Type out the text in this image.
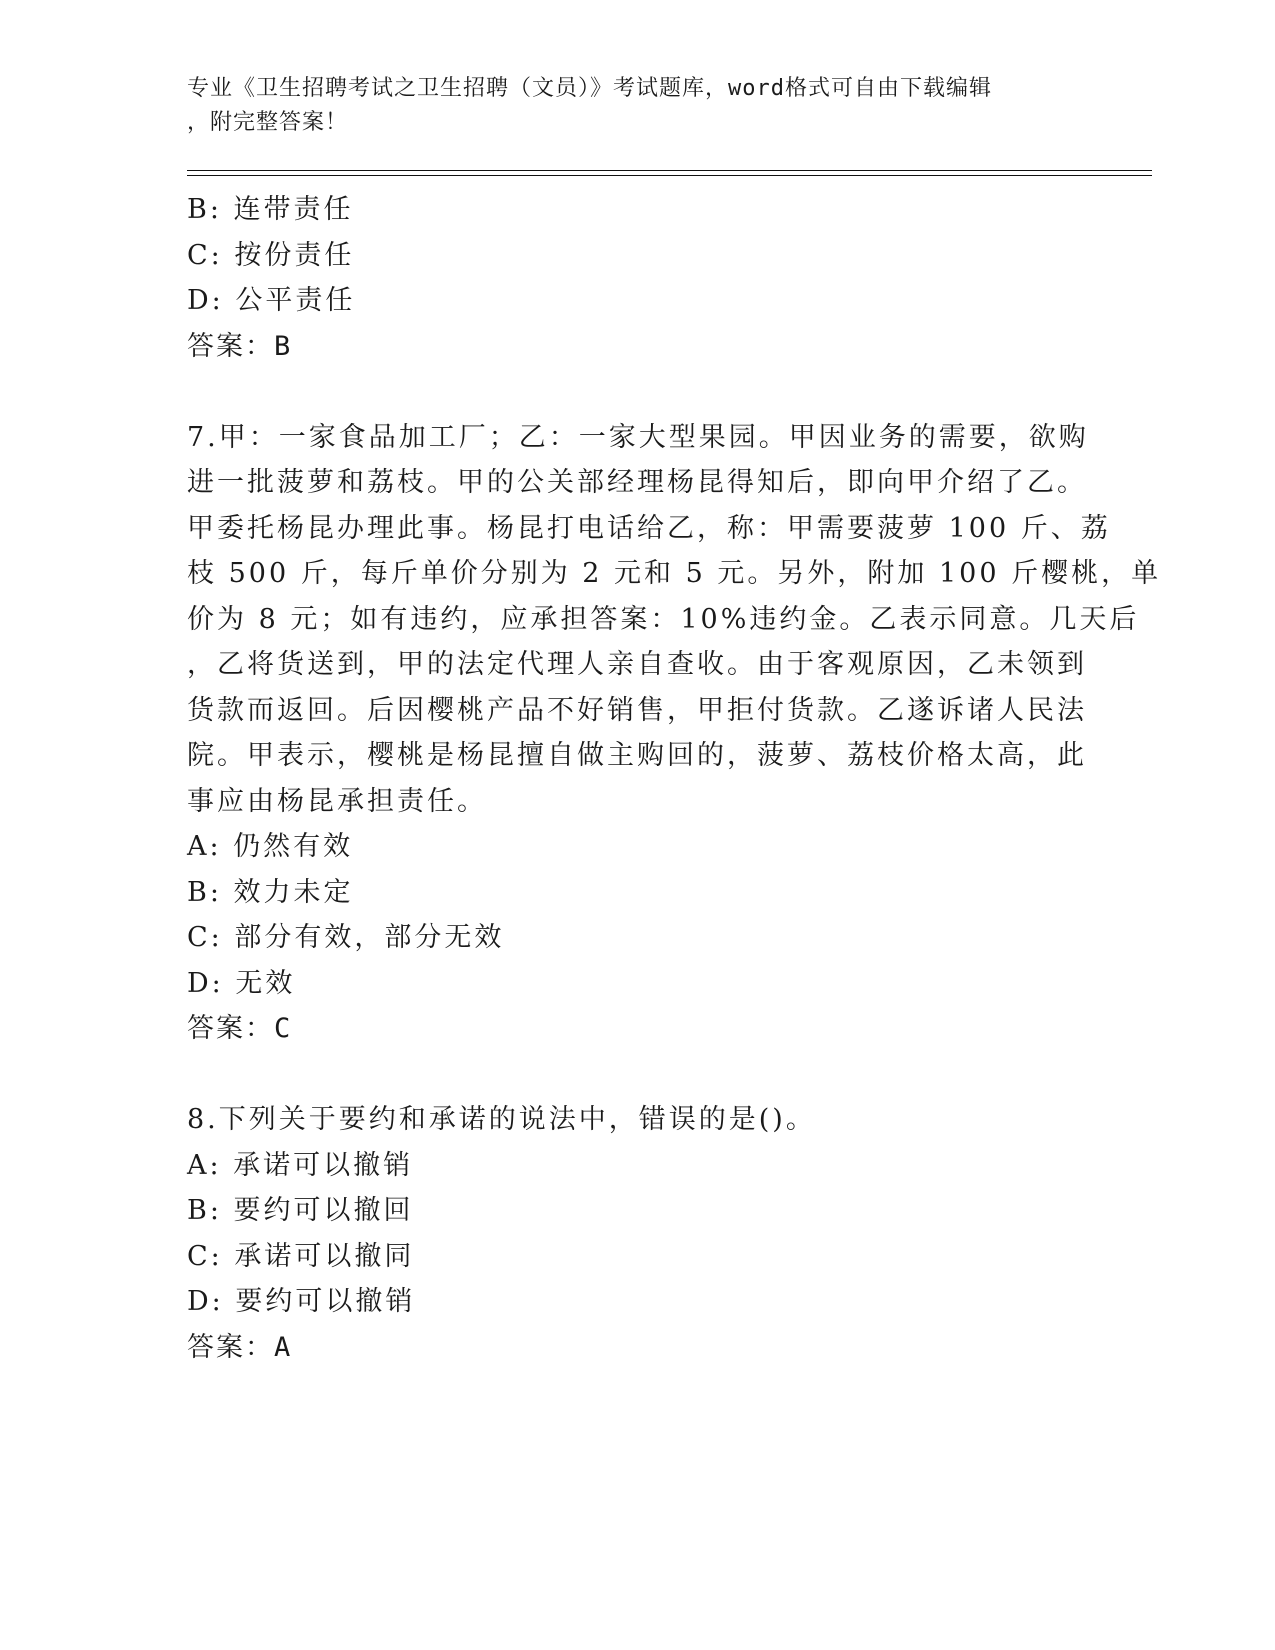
专业《卫生招聘考试之卫生招聘（文员）》考试题库，word格式可自由下载编辑
，附完整答案！
B: 连带责任
C: 按份责任
D: 公平责任
答案：B
7.甲：一家食品加工厂；乙：一家大型果园。甲因业务的需要，欲购
进一批菠萝和荔枝。甲的公关部经理杨昆得知后，即向甲介绍了乙。
甲委托杨昆办理此事。杨昆打电话给乙，称：甲需要菠萝 100 斤、荔
枝 500 斤，每斤单价分别为 2 元和 5 元。另外，附加 100 斤樱桃，单
价为 8 元；如有违约，应承担答案：10%违约金。乙表示同意。几天后
，乙将货送到，甲的法定代理人亲自查收。由于客观原因，乙未领到
货款而返回。后因樱桃产品不好销售，甲拒付货款。乙遂诉诸人民法
院。甲表示，樱桃是杨昆擅自做主购回的，菠萝、荔枝价格太高，此
事应由杨昆承担责任。
A: 仍然有效
B: 效力未定
C: 部分有效，部分无效
D: 无效
答案：C
8.下列关于要约和承诺的说法中，错误的是()。
A: 承诺可以撤销
B: 要约可以撤回
C: 承诺可以撤同
D: 要约可以撤销
答案：A
